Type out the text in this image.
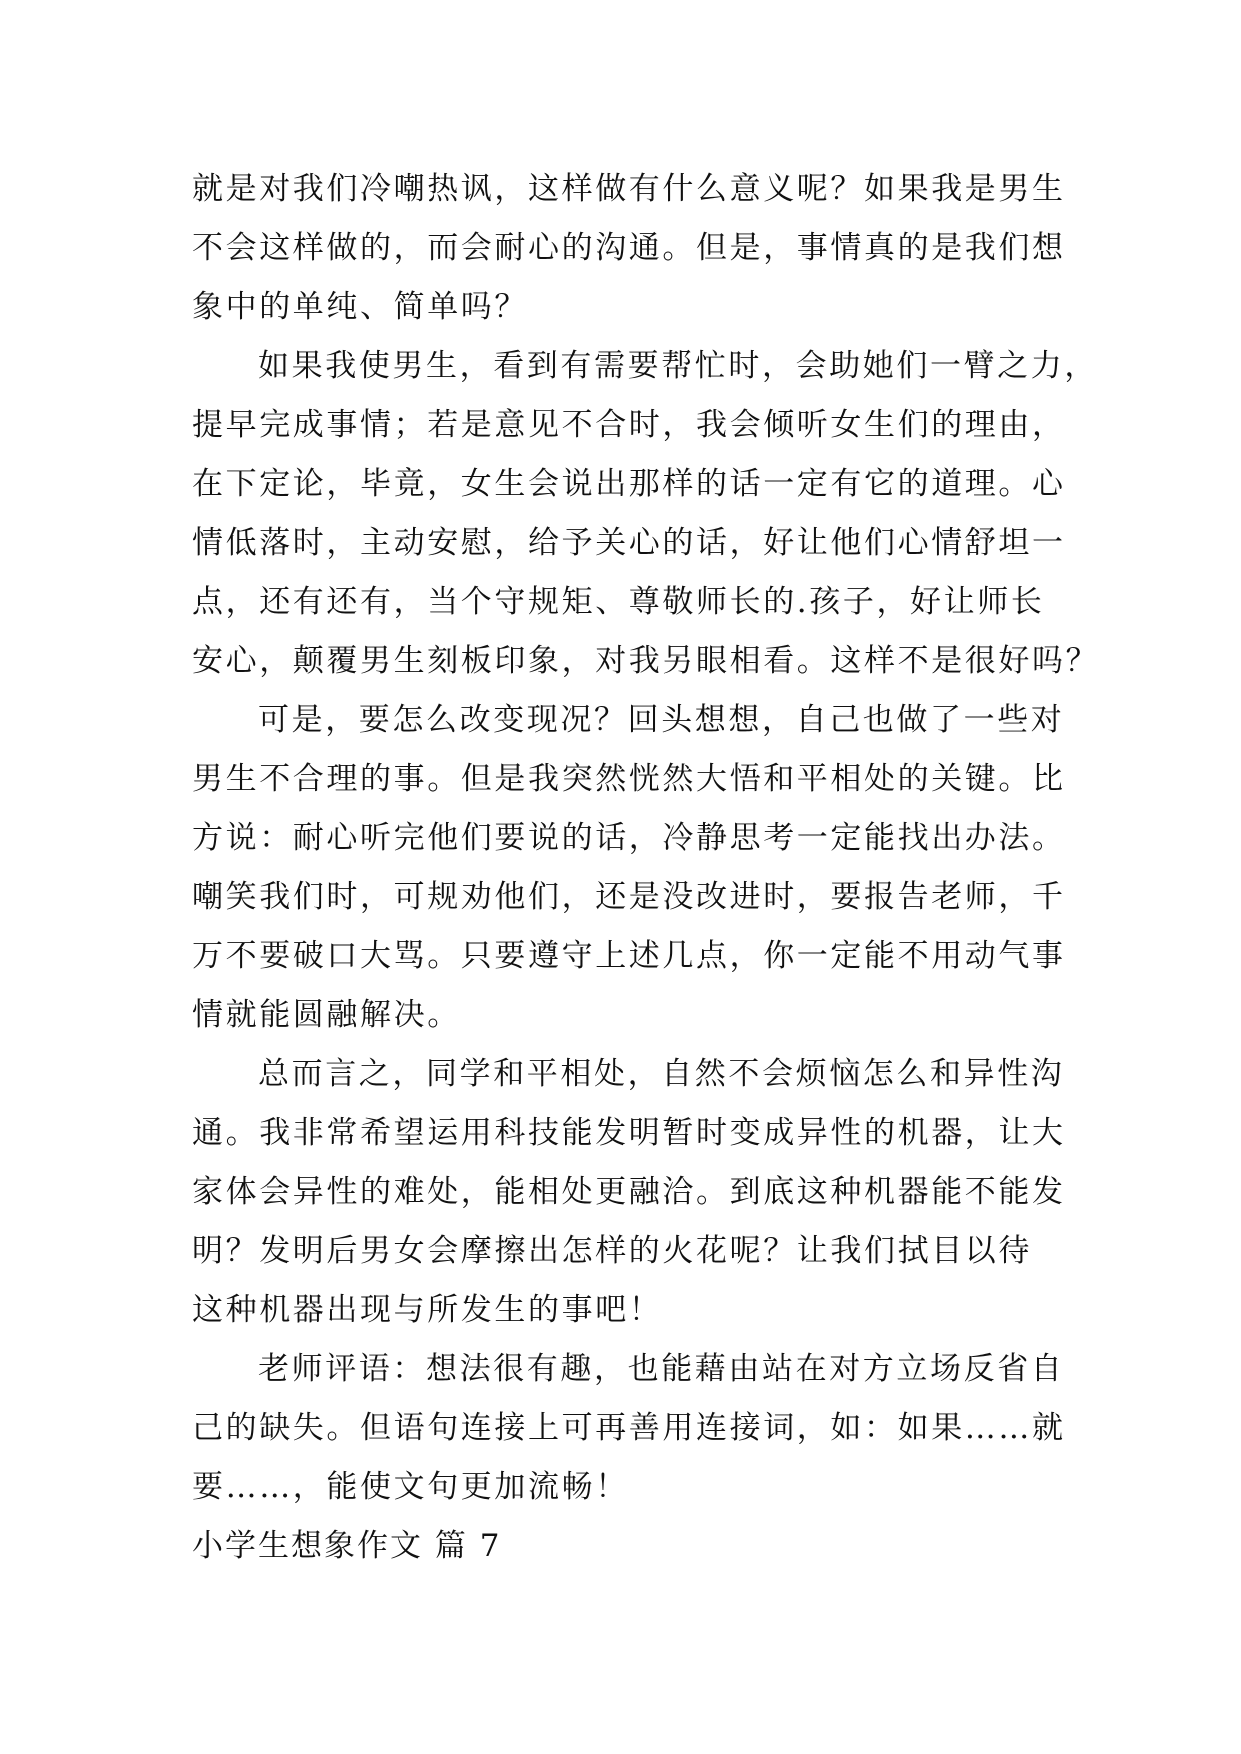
就是对我们冷嘲热讽，这样做有什么意义呢？如果我是男生
不会这样做的，而会耐心的沟通。但是，事情真的是我们想
象中的单纯、简单吗？
如果我使男生，看到有需要帮忙时，会助她们一臂之力，
提早完成事情；若是意见不合时，我会倾听女生们的理由，
在下定论，毕竟，女生会说出那样的话一定有它的道理。心
情低落时，主动安慰，给予关心的话，好让他们心情舒坦一
点，还有还有，当个守规矩、尊敬师长的.孩子，好让师长
安心，颠覆男生刻板印象，对我另眼相看。这样不是很好吗？
可是，要怎么改变现况？回头想想，自己也做了一些对
男生不合理的事。但是我突然恍然大悟和平相处的关键。比
方说：耐心听完他们要说的话，冷静思考一定能找出办法。
嘲笑我们时，可规劝他们，还是没改进时，要报告老师，千
万不要破口大骂。只要遵守上述几点，你一定能不用动气事
情就能圆融解决。
总而言之，同学和平相处，自然不会烦恼怎么和异性沟
通。我非常希望运用科技能发明暂时变成异性的机器，让大
家体会异性的难处，能相处更融洽。到底这种机器能不能发
明？发明后男女会摩擦出怎样的火花呢？让我们拭目以待
这种机器出现与所发生的事吧！
老师评语：想法很有趣，也能藉由站在对方立场反省自
己的缺失。但语句连接上可再善用连接词，如：如果……就
要……，能使文句更加流畅！
小学生想象作文 篇 7
